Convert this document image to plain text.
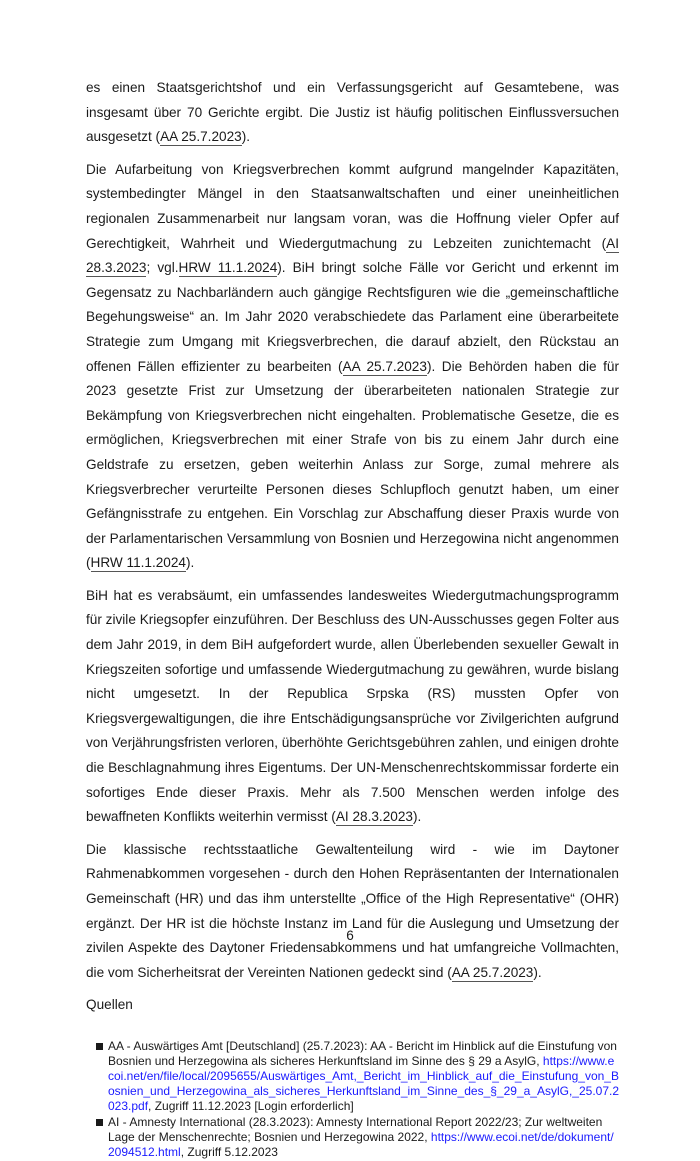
es einen Staatsgerichtshof und ein Verfassungsgericht auf Gesamtebene, was insgesamt über 70 Gerichte ergibt. Die Justiz ist häufig politischen Einflussversuchen ausgesetzt (AA 25.7.2023).

Die Aufarbeitung von Kriegsverbrechen kommt aufgrund mangelnder Kapazitäten, systembedingter Mängel in den Staatsanwaltschaften und einer uneinheitlichen regionalen Zusammenarbeit nur langsam voran, was die Hoffnung vieler Opfer auf Gerechtigkeit, Wahrheit und Wiedergutmachung zu Lebzeiten zunichtemacht (AI 28.3.2023; vgl.HRW 11.1.2024). BiH bringt solche Fälle vor Gericht und erkennt im Gegensatz zu Nachbarländern auch gängige Rechtsfiguren wie die „gemeinschaftliche Begehungsweise“ an. Im Jahr 2020 verabschiedete das Parlament eine überarbeitete Strategie zum Umgang mit Kriegsverbrechen, die darauf abzielt, den Rückstau an offenen Fällen effizienter zu bearbeiten (AA 25.7.2023). Die Behörden haben die für 2023 gesetzte Frist zur Umsetzung der überarbeiteten nationalen Strategie zur Bekämpfung von Kriegsverbrechen nicht eingehalten. Problematische Gesetze, die es ermöglichen, Kriegsverbrechen mit einer Strafe von bis zu einem Jahr durch eine Geldstrafe zu ersetzen, geben weiterhin Anlass zur Sorge, zumal mehrere als Kriegsverbrecher verurteilte Personen dieses Schlupfloch genutzt haben, um einer Gefängnisstrafe zu entgehen. Ein Vorschlag zur Abschaffung dieser Praxis wurde von der Parlamentarischen Versammlung von Bosnien und Herzegowina nicht angenommen (HRW 11.1.2024).

BiH hat es verabsäumt, ein umfassendes landesweites Wiedergutmachungsprogramm für zivile Kriegsopfer einzuführen. Der Beschluss des UN-Ausschusses gegen Folter aus dem Jahr 2019, in dem BiH aufgefordert wurde, allen Überlebenden sexueller Gewalt in Kriegszeiten sofortige und umfassende Wiedergutmachung zu gewähren, wurde bislang nicht umgesetzt. In der Republica Srpska (RS) mussten Opfer von Kriegsvergewaltigungen, die ihre Entschädigungsansprüche vor Zivilgerichten aufgrund von Verjährungsfristen verloren, überhöhte Gerichtsgebühren zahlen, und einigen drohte die Beschlagnahmung ihres Eigentums. Der UN-Menschenrechtskommissar forderte ein sofortiges Ende dieser Praxis. Mehr als 7.500 Menschen werden infolge des bewaffneten Konflikts weiterhin vermisst (AI 28.3.2023).

Die klassische rechtsstaatliche Gewaltenteilung wird - wie im Daytoner Rahmenabkommen vorgesehen - durch den Hohen Repräsentanten der Internationalen Gemeinschaft (HR) und das ihm unterstellte „Office of the High Representative“ (OHR) ergänzt. Der HR ist die höchste Instanz im Land für die Auslegung und Umsetzung der zivilen Aspekte des Daytoner Friedensabkommens und hat umfangreiche Vollmachten, die vom Sicherheitsrat der Vereinten Nationen gedeckt sind (AA 25.7.2023).

Quellen

AA - Auswärtiges Amt [Deutschland] (25.7.2023): AA - Bericht im Hinblick auf die Einstufung von Bosnien und Herzegowina als sicheres Herkunftsland im Sinne des § 29 a AsylG, https://www.ecoi.net/en/file/local/2095655/Auswärtiges_Amt,_Bericht_im_Hinblick_auf_die_Einstufung_von_Bosnien_und_Herzegowina_als_sicheres_Herkunftsland_im_Sinne_des_§_29_a_AsylG,_25.07.2023.pdf, Zugriff 11.12.2023 [Login erforderlich]
AI - Amnesty International (28.3.2023): Amnesty International Report 2022/23; Zur weltweiten Lage der Menschenrechte; Bosnien und Herzegowina 2022, https://www.ecoi.net/de/dokument/2094512.html, Zugriff 5.12.2023
6
